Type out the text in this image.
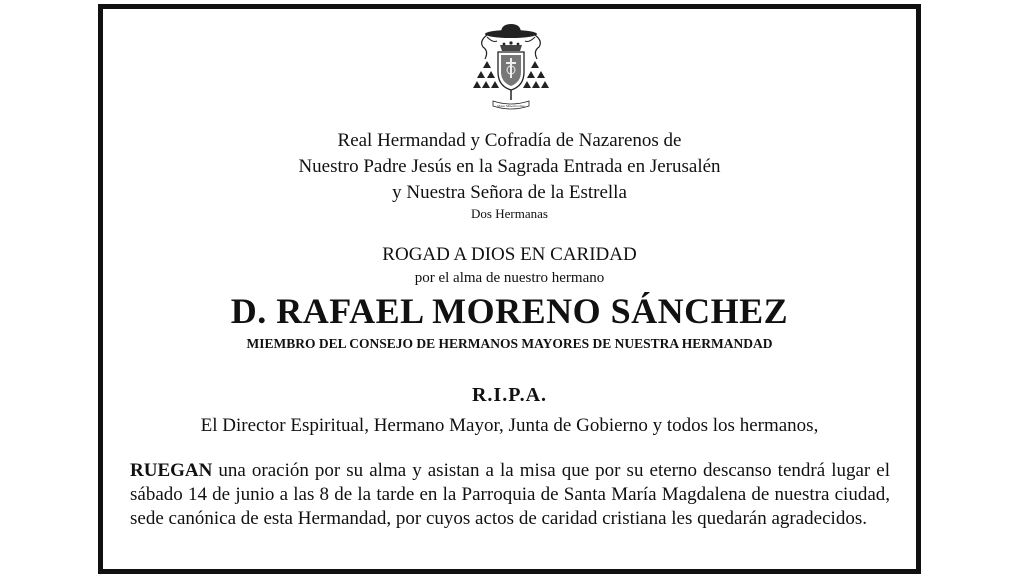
Mater Misericordiae
Real Hermandad y Cofradía de Nazarenos de
Nuestro Padre Jesús en la Sagrada Entrada en Jerusalén
y Nuestra Señora de la Estrella
Dos Hermanas
ROGAD A DIOS EN CARIDAD
por el alma de nuestro hermano
D. RAFAEL MORENO SÁNCHEZ
MIEMBRO DEL CONSEJO DE HERMANOS MAYORES DE NUESTRA HERMANDAD
R.I.P.A.
El Director Espiritual, Hermano Mayor, Junta de Gobierno y todos los hermanos,
RUEGAN una oración por su alma y asistan a la misa que por su eterno descanso tendrá lugar el sábado 14 de junio a las 8 de la tarde en la Parroquia de Santa María Magdalena de nuestra ciudad, sede canónica de esta Hermandad, por cuyos actos de caridad cristiana les quedarán agradecidos.
